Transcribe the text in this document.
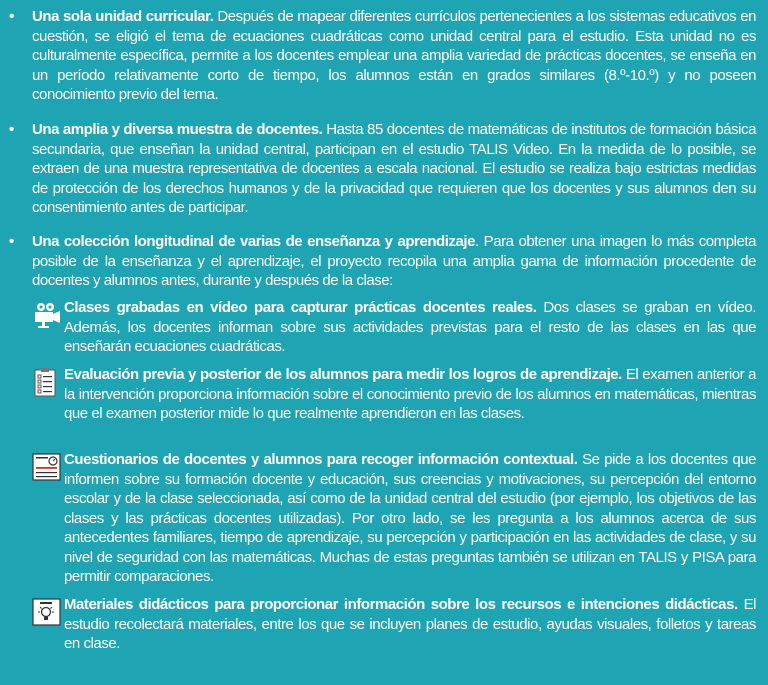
• Una sola unidad curricular. Después de mapear diferentes currículos pertenecientes a los sistemas educativos en cuestión, se eligió el tema de ecuaciones cuadráticas como unidad central para el estudio. Esta unidad no es culturalmente específica, permite a los docentes emplear una amplia variedad de prácticas docentes, se enseña en un período relativamente corto de tiempo, los alumnos están en grados similares (8.º-10.º) y no poseen conocimiento previo del tema.
• Una amplia y diversa muestra de docentes. Hasta 85 docentes de matemáticas de institutos de formación básica secundaria, que enseñan la unidad central, participan en el estudio TALIS Video. En la medida de lo posible, se extraen de una muestra representativa de docentes a escala nacional. El estudio se realiza bajo estrictas medidas de protección de los derechos humanos y de la privacidad que requieren que los docentes y sus alumnos den su consentimiento antes de participar.
• Una colección longitudinal de varias de enseñanza y aprendizaje. Para obtener una imagen lo más completa posible de la enseñanza y el aprendizaje, el proyecto recopila una amplia gama de información procedente de docentes y alumnos antes, durante y después de la clase:
Clases grabadas en vídeo para capturar prácticas docentes reales. Dos clases se graban en vídeo. Además, los docentes informan sobre sus actividades previstas para el resto de las clases en las que enseñarán ecuaciones cuadráticas.
Evaluación previa y posterior de los alumnos para medir los logros de aprendizaje. El examen anterior a la intervención proporciona información sobre el conocimiento previo de los alumnos en matemáticas, mientras que el examen posterior mide lo que realmente aprendieron en las clases.
Cuestionarios de docentes y alumnos para recoger información contextual. Se pide a los docentes que informen sobre su formación docente y educación, sus creencias y motivaciones, su percepción del entorno escolar y de la clase seleccionada, así como de la unidad central del estudio (por ejemplo, los objetivos de las clases y las prácticas docentes utilizadas). Por otro lado, se les pregunta a los alumnos acerca de sus antecedentes familiares, tiempo de aprendizaje, su percepción y participación en las actividades de clase, y su nivel de seguridad con las matemáticas. Muchas de estas preguntas también se utilizan en TALIS y PISA para permitir comparaciones.
Materiales didácticos para proporcionar información sobre los recursos e intenciones didácticas. El estudio recolectará materiales, entre los que se incluyen planes de estudio, ayudas visuales, folletos y tareas en clase.
